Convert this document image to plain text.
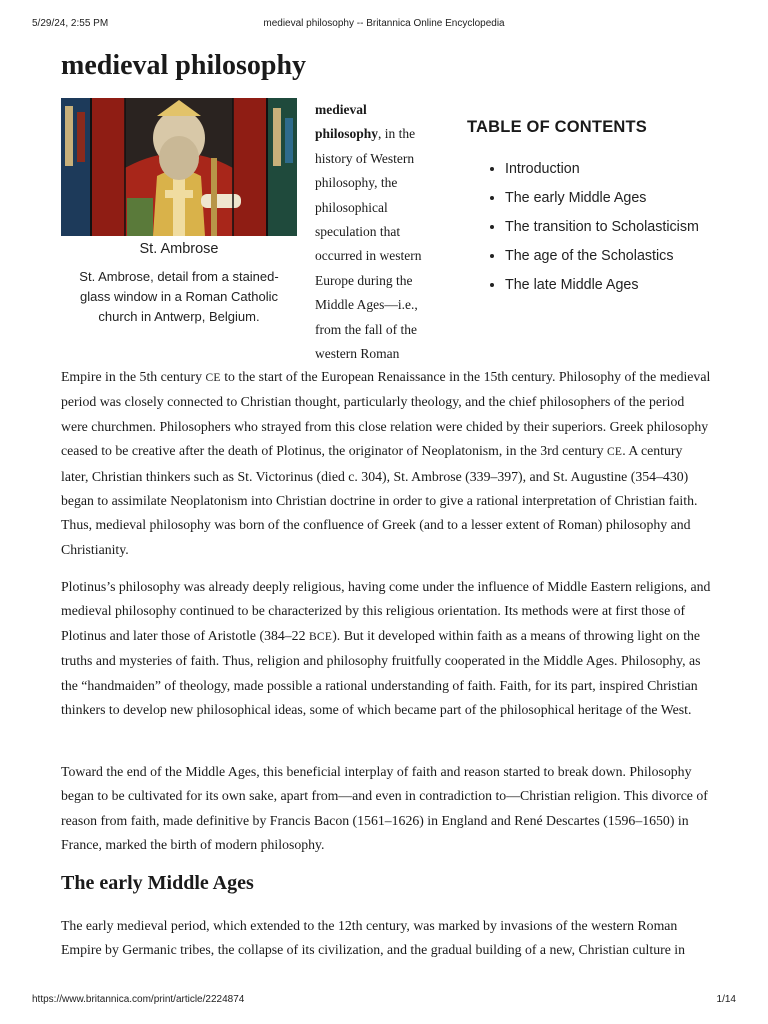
5/29/24, 2:55 PM	medieval philosophy -- Britannica Online Encyclopedia
medieval philosophy
St. Ambrose
St. Ambrose, detail from a stained-glass window in a Roman Catholic church in Antwerp, Belgium.

medieval philosophy, in the history of Western philosophy, the philosophical speculation that occurred in western Europe during the Middle Ages—i.e., from the fall of the western Roman

TABLE OF CONTENTS
• Introduction
• The early Middle Ages
• The transition to Scholasticism
• The age of the Scholastics
• The late Middle Ages

Empire in the 5th century CE to the start of the European Renaissance in the 15th century. Philosophy of the medieval period was closely connected to Christian thought, particularly theology, and the chief philosophers of the period were churchmen. Philosophers who strayed from this close relation were chided by their superiors. Greek philosophy ceased to be creative after the death of Plotinus, the originator of Neoplatonism, in the 3rd century CE. A century later, Christian thinkers such as St. Victorinus (died c. 304), St. Ambrose (339–397), and St. Augustine (354–430) began to assimilate Neoplatonism into Christian doctrine in order to give a rational interpretation of Christian faith. Thus, medieval philosophy was born of the confluence of Greek (and to a lesser extent of Roman) philosophy and Christianity.

Plotinus’s philosophy was already deeply religious, having come under the influence of Middle Eastern religions, and medieval philosophy continued to be characterized by this religious orientation. Its methods were at first those of Plotinus and later those of Aristotle (384–22 BCE). But it developed within faith as a means of throwing light on the truths and mysteries of faith. Thus, religion and philosophy fruitfully cooperated in the Middle Ages. Philosophy, as the “handmaiden” of theology, made possible a rational understanding of faith. Faith, for its part, inspired Christian thinkers to develop new philosophical ideas, some of which became part of the philosophical heritage of the West.

Toward the end of the Middle Ages, this beneficial interplay of faith and reason started to break down. Philosophy began to be cultivated for its own sake, apart from—and even in contradiction to—Christian religion. This divorce of reason from faith, made definitive by Francis Bacon (1561–1626) in England and René Descartes (1596–1650) in France, marked the birth of modern philosophy.

The early Middle Ages

The early medieval period, which extended to the 12th century, was marked by invasions of the western Roman Empire by Germanic tribes, the collapse of its civilization, and the gradual building of a new, Christian culture in

https://www.britannica.com/print/article/2224874	1/14
